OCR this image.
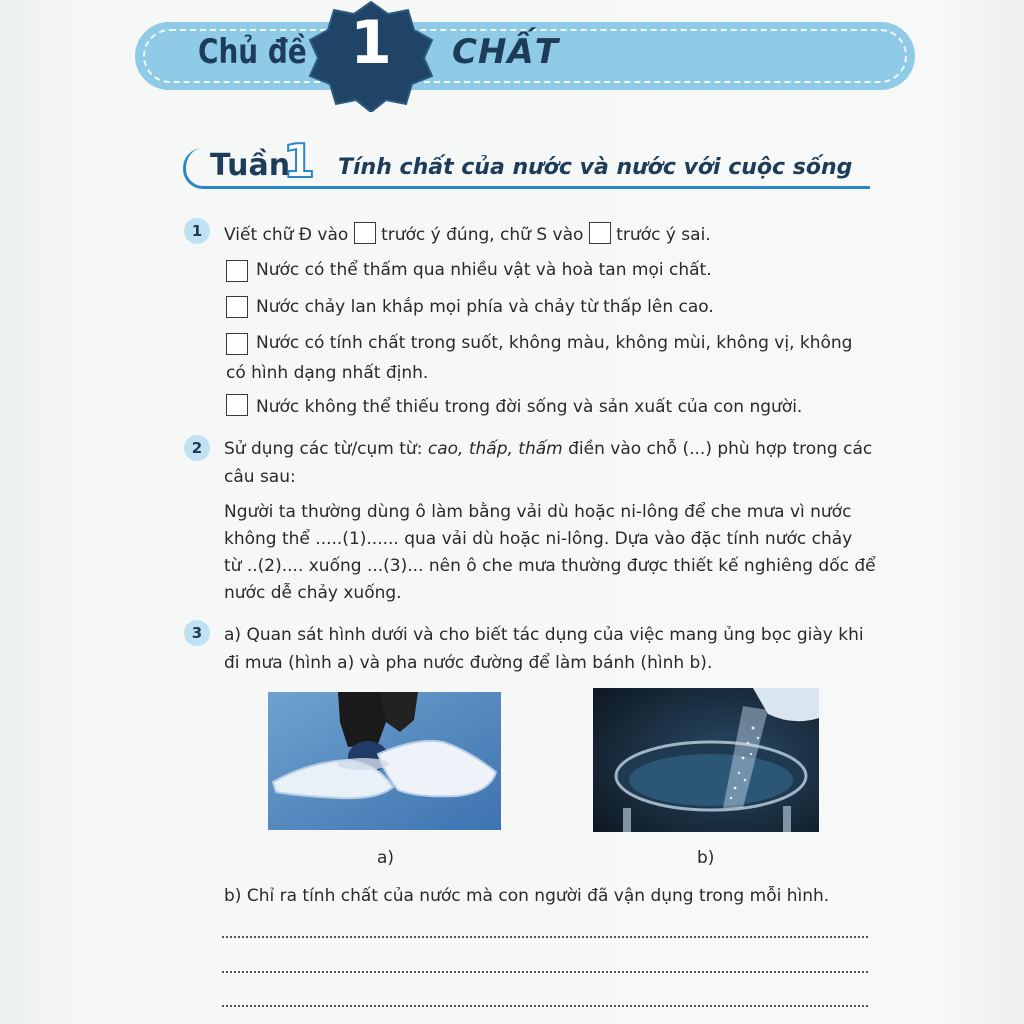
Chủ đề 1	CHẤT
Tuần
1 Tính chất của nước và nước với cuộc sống
1	Viết chữ Đ vào trước ý đúng, chữ S vào trước ý sai.
Nước có thể thấm qua nhiều vật và hoà tan mọi chất.
Nước chảy lan khắp mọi phía và chảy từ thấp lên cao.
Nước có tính chất trong suốt, không màu, không mùi, không vị, không
có hình dạng nhất định.
Nước không thể thiếu trong đời sống và sản xuất của con người.
2	Sử dụng các từ/cụm từ: cao, thấp, thấm điền vào chỗ (...) phù hợp trong các
câu sau:
Người ta thường dùng ô làm bằng vải dù hoặc ni-lông để che mưa vì nước
không thể .....(1)...... qua vải dù hoặc ni-lông. Dựa vào đặc tính nước chảy
từ ..(2).... xuống ...(3)... nên ô che mưa thường được thiết kế nghiêng dốc để
nước dễ chảy xuống.
3	a) Quan sát hình dưới và cho biết tác dụng của việc mang ủng bọc giày khi
đi mưa (hình a) và pha nước đường để làm bánh (hình b).
a)	b)
b) Chỉ ra tính chất của nước mà con người đã vận dụng trong mỗi hình.
